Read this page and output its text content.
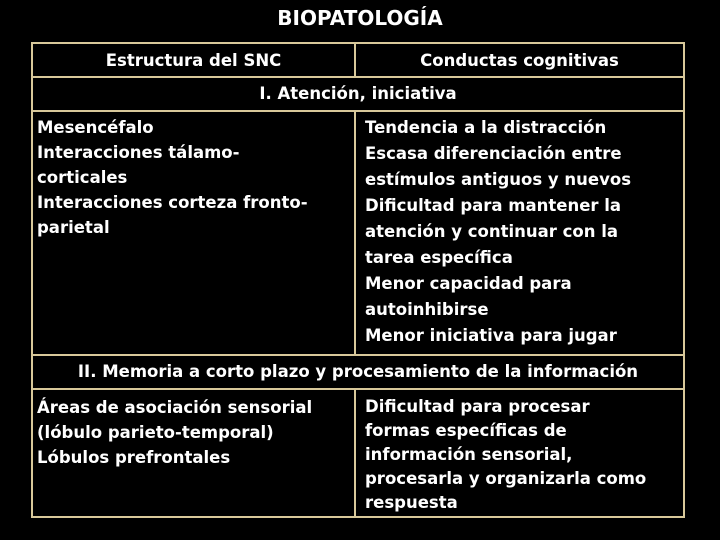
BIOPATOLOGÍA
Estructura del SNC	Conductas cognitivas
I. Atención, iniciativa
Mesencéfalo
Interacciones tálamo-
corticales
Interacciones corteza fronto-
parietal
Tendencia a la distracción
Escasa diferenciación entre
estímulos antiguos y nuevos
Dificultad para mantener la
atención y continuar con la
tarea específica
Menor capacidad para
autoinhibirse
Menor iniciativa para jugar
II. Memoria a corto plazo y procesamiento de la información
Áreas de asociación sensorial
(lóbulo parieto-temporal)
Lóbulos prefrontales
Dificultad para procesar
formas específicas de
información sensorial,
procesarla y organizarla como
respuesta
